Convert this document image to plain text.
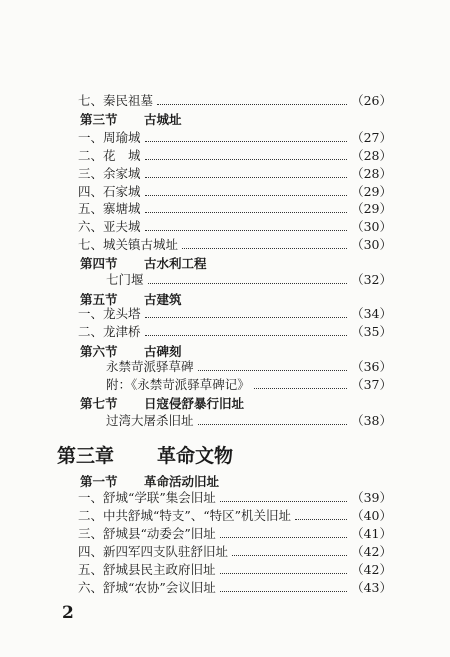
七、秦民祖墓	（26）
第三节 古城址
一、周瑜城	（27）
二、花　城	（28）
三、余家城	（28）
四、石家城	（29）
五、寨塘城	（29）
六、亚夫城	（30）
七、城关镇古城址	（30）
第四节 古水利工程
七门堰	（32）
第五节 古建筑
一、龙头塔	（34）
二、龙津桥	（35）
第六节 古碑刻
永禁苛派驿草碑	（36）
附：《永禁苛派驿草碑记》	（37）
第七节 日寇侵舒暴行旧址
过湾大屠杀旧址	（38）
第三章 革命文物
第一节 革命活动旧址
一、舒城“学联”集会旧址	（39）
二、中共舒城“特支”、“特区”机关旧址	（40）
三、舒城县“动委会”旧址	（41）
四、新四军四支队驻舒旧址	（42）
五、舒城县民主政府旧址	（42）
六、舒城“农协”会议旧址	（43）
2
